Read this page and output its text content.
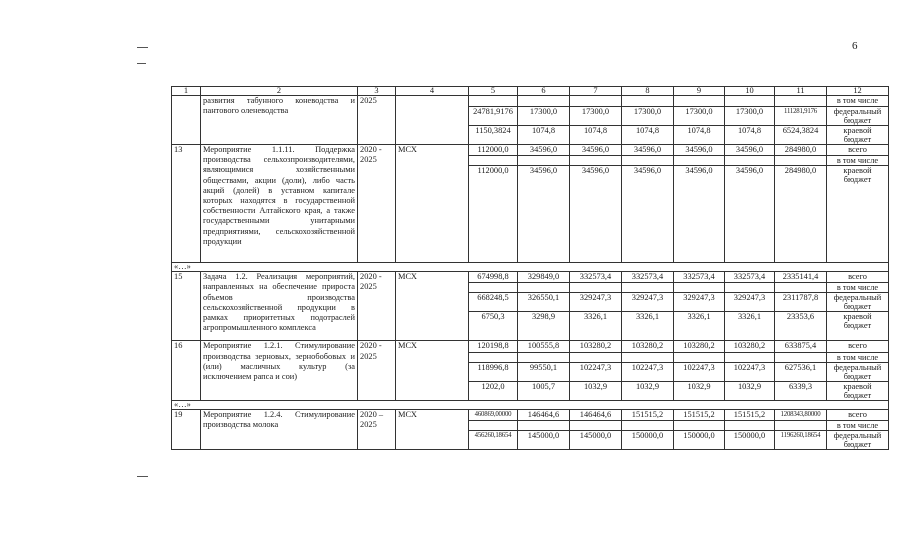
6
1	2	3	4	5	6	7	8	9	10	11	12
	развития табунного коневодства и пантового оленеводства	2025									в том числе
				24781,9176	17300,0	17300,0	17300,0	17300,0	17300,0	111281,9176	федеральный бюджет
				1150,3824	1074,8	1074,8	1074,8	1074,8	1074,8	6524,3824	краевой бюджет
13	Мероприятие 1.1.11. Поддержка производства сельхозпроизводителями, являющимися хозяйственными обществами, акции (доли), либо часть акций (долей) в уставном капитале которых находятся в государственной собственности Алтайского края, а также государственными унитарными предприятиями, сельскохозяйственной продукции	2020 - 2025	МСХ	112000,0	34596,0	34596,0	34596,0	34596,0	34596,0	284980,0	всего
											в том числе
				112000,0	34596,0	34596,0	34596,0	34596,0	34596,0	284980,0	краевой бюджет
«…»											
15	Задача 1.2. Реализация мероприятий, направленных на обеспечение прироста объемов производства сельскохозяйственной продукции в рамках приоритетных подотраслей агропромышленного комплекса	2020 - 2025	МСХ	674998,8	329849,0	332573,4	332573,4	332573,4	332573,4	2335141,4	всего
											в том числе
				668248,5	326550,1	329247,3	329247,3	329247,3	329247,3	2311787,8	федеральный бюджет
				6750,3	3298,9	3326,1	3326,1	3326,1	3326,1	23353,6	краевой бюджет
16	Мероприятие 1.2.1. Стимулирование производства зерновых, зернобобовых и (или) масличных культур (за исключением рапса и сои)	2020 - 2025	МСХ	120198,8	100555,8	103280,2	103280,2	103280,2	103280,2	633875,4	всего
											в том числе
				118996,8	99550,1	102247,3	102247,3	102247,3	102247,3	627536,1	федеральный бюджет
				1202,0	1005,7	1032,9	1032,9	1032,9	1032,9	6339,3	краевой бюджет
«…»											
19	Мероприятие 1.2.4. Стимулирование производства молока	2020 – 2025	МСХ	460869,00000	146464,6	146464,6	151515,2	151515,2	151515,2	1208343,80000	всего
											в том числе
				456260,18654	145000,0	145000,0	150000,0	150000,0	150000,0	1196260,18654	федеральный бюджет
